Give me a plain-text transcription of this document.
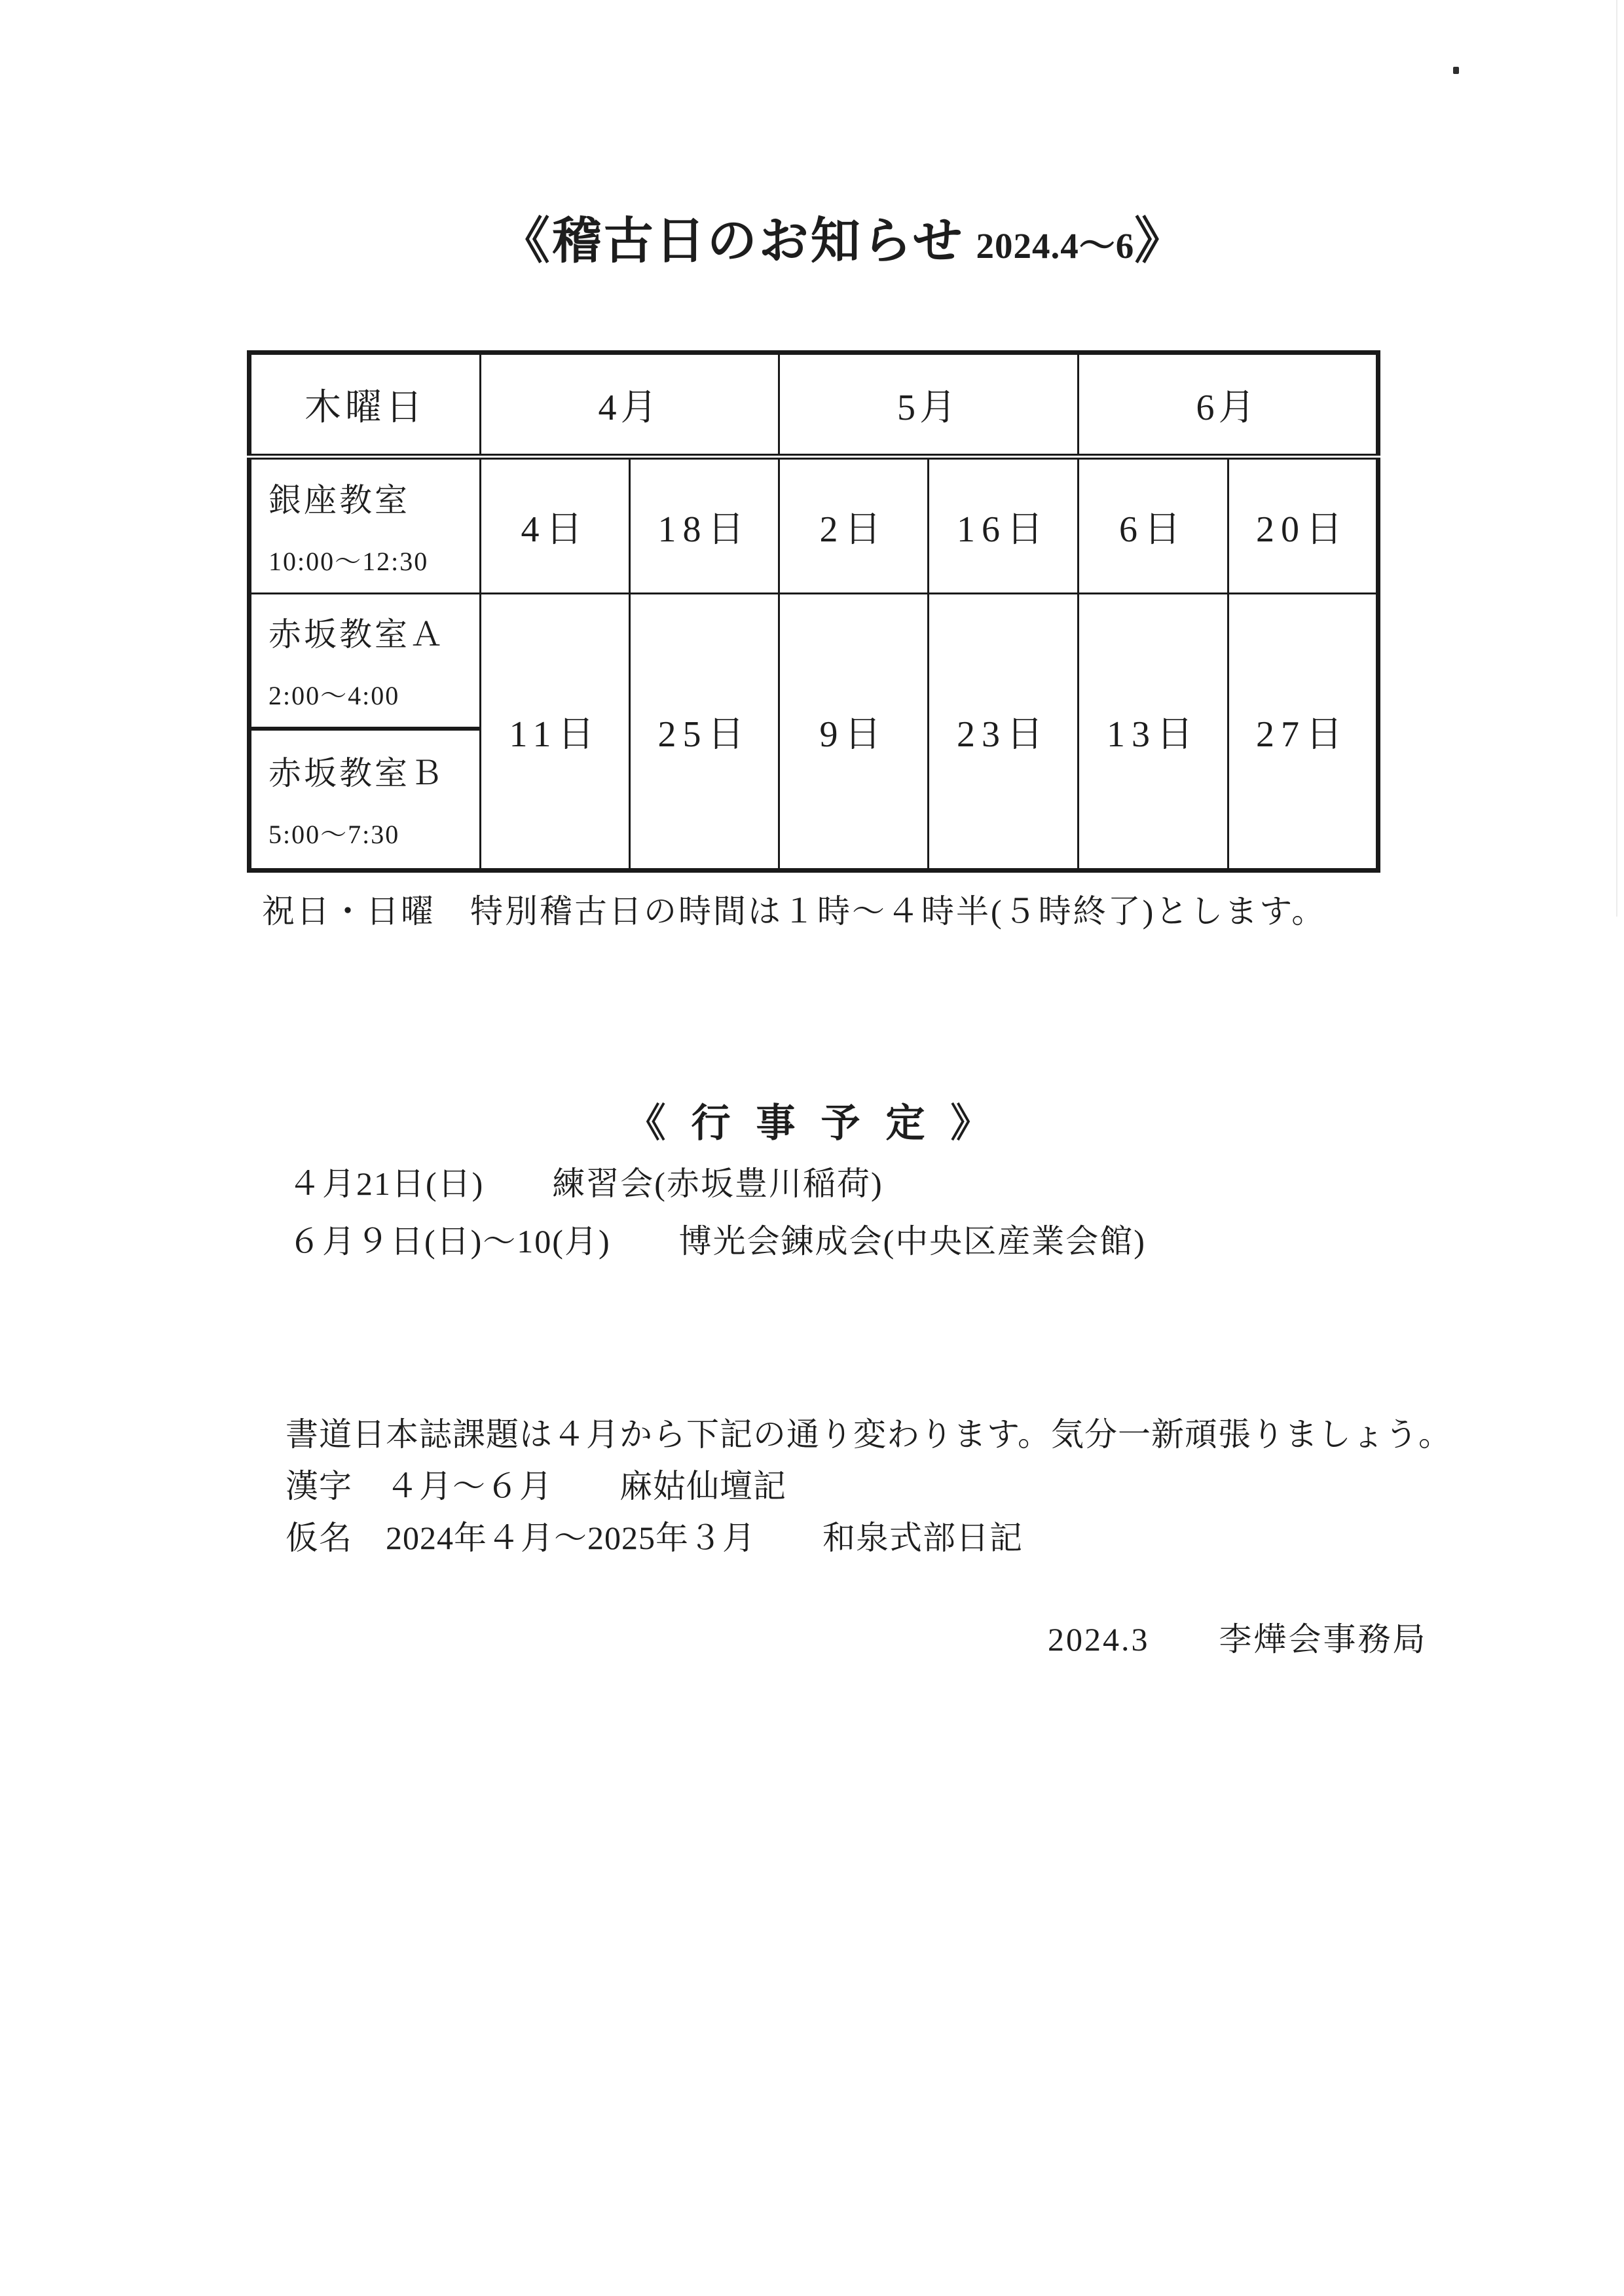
《稽古日のお知らせ 2024.4～6》
木曜日	4月		5月		6月	

銀座教室
10:00～12:30	4日	18日	2日	16日	6日	20日

赤坂教室Ａ
2:00～4:00	11日	25日	9日	23日	13日	27日

赤坂教室Ｂ
5:00～7:30						

祝日・日曜　特別稽古日の時間は１時～４時半(５時終了)とします。

《 行 事 予 定 》

４月21日(日)　　練習会(赤坂豊川稲荷)

６月９日(日)～10(月)　　博光会錬成会(中央区産業会館)

書道日本誌課題は４月から下記の通り変わります。気分一新頑張りましょう。

漢字　４月～６月　　麻姑仙壇記

仮名　2024年４月～2025年３月　　和泉式部日記

2024.3　　李燁会事務局
